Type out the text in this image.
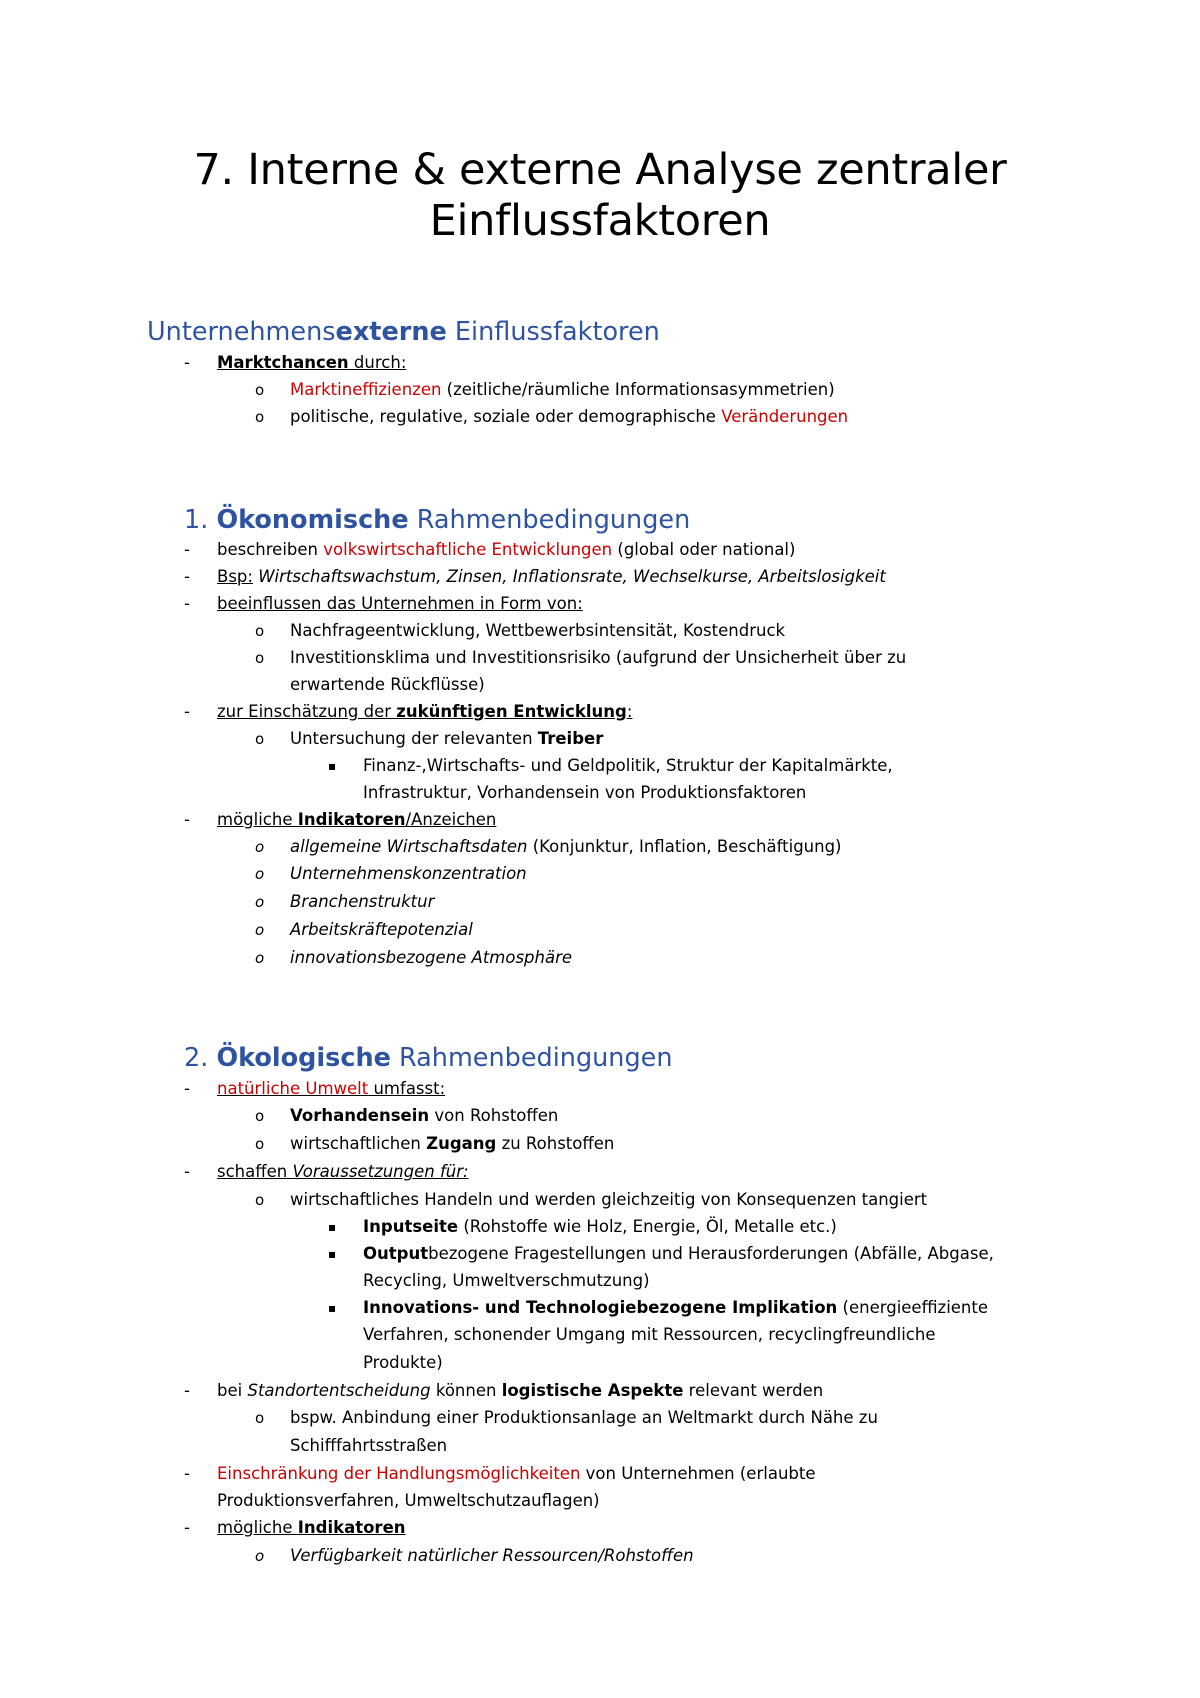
7. Interne & externe Analyse zentraler
Einflussfaktoren
Unternehmensexterne Einflussfaktoren
- Marktchancen durch:
o Marktineffizienzen (zeitliche/räumliche Informationsasymmetrien)
o politische, regulative, soziale oder demographische Veränderungen
1. Ökonomische Rahmenbedingungen
- beschreiben volkswirtschaftliche Entwicklungen (global oder national)
- Bsp: Wirtschaftswachstum, Zinsen, Inflationsrate, Wechselkurse, Arbeitslosigkeit
- beeinflussen das Unternehmen in Form von:
o Nachfrageentwicklung, Wettbewerbsintensität, Kostendruck
o Investitionsklima und Investitionsrisiko (aufgrund der Unsicherheit über zu
erwartende Rückflüsse)
- zur Einschätzung der zukünftigen Entwicklung:
o Untersuchung der relevanten Treiber
▪ Finanz-,Wirtschafts- und Geldpolitik, Struktur der Kapitalmärkte,
Infrastruktur, Vorhandensein von Produktionsfaktoren
- mögliche Indikatoren/Anzeichen
o allgemeine Wirtschaftsdaten (Konjunktur, Inflation, Beschäftigung)
o Unternehmenskonzentration
o Branchenstruktur
o Arbeitskräftepotenzial
o innovationsbezogene Atmosphäre
2. Ökologische Rahmenbedingungen
- natürliche Umwelt umfasst:
o Vorhandensein von Rohstoffen
o wirtschaftlichen Zugang zu Rohstoffen
- schaffen Voraussetzungen für:
o wirtschaftliches Handeln und werden gleichzeitig von Konsequenzen tangiert
▪ Inputseite (Rohstoffe wie Holz, Energie, Öl, Metalle etc.)
▪ Outputbezogene Fragestellungen und Herausforderungen (Abfälle, Abgase,
Recycling, Umweltverschmutzung)
▪ Innovations- und Technologiebezogene Implikation (energieeffiziente
Verfahren, schonender Umgang mit Ressourcen, recyclingfreundliche
Produkte)
- bei Standortentscheidung können logistische Aspekte relevant werden
o bspw. Anbindung einer Produktionsanlage an Weltmarkt durch Nähe zu
Schifffahrtsstraßen
- Einschränkung der Handlungsmöglichkeiten von Unternehmen (erlaubte
Produktionsverfahren, Umweltschutzauflagen)
- mögliche Indikatoren
o Verfügbarkeit natürlicher Ressourcen/Rohstoffen
